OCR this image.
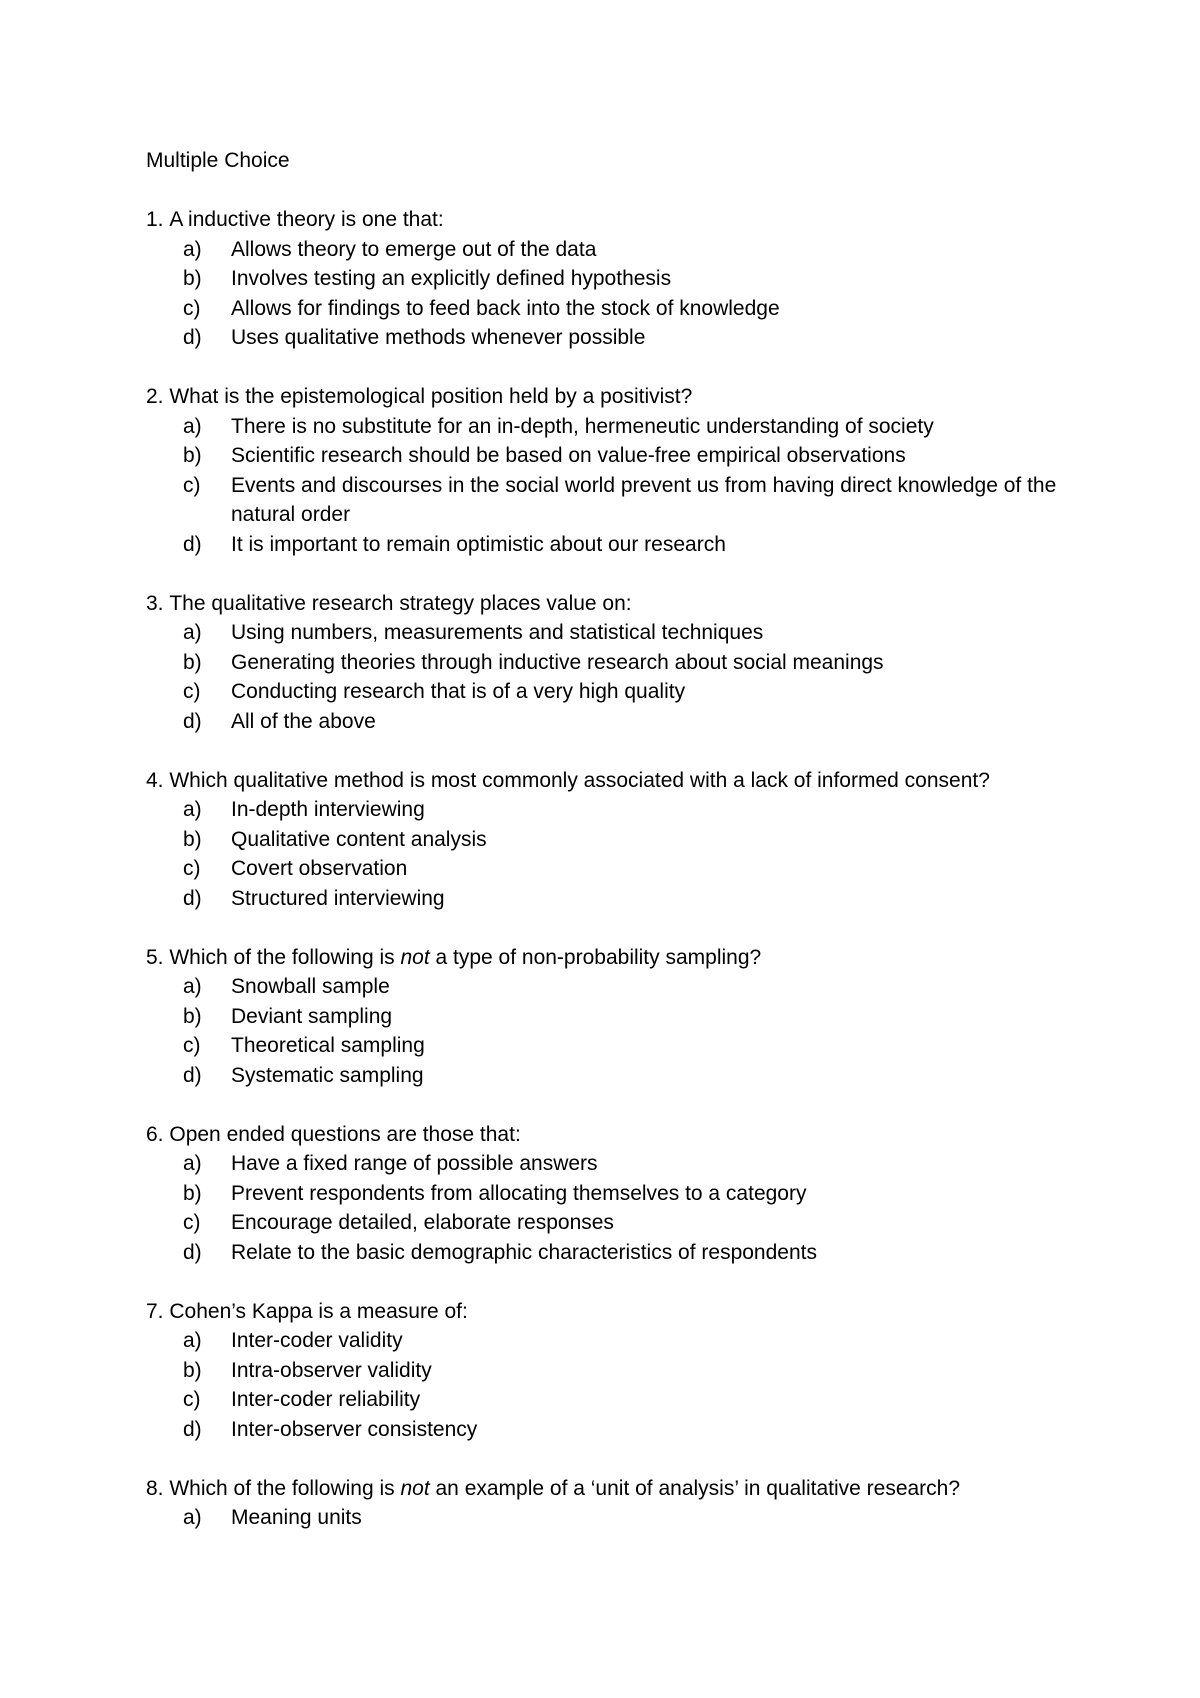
Multiple Choice
1.
A inductive theory is one that:
a)	Allows theory to emerge out of the data
b)	Involves testing an explicitly defined hypothesis
c)	Allows for findings to feed back into the stock of knowledge
d)	Uses qualitative methods whenever possible
2.
What is the epistemological position held by a positivist?
a)	There is no substitute for an in-depth, hermeneutic understanding of society
b)	Scientific research should be based on value-free empirical observations
c)	Events and discourses in the social world prevent us from having direct knowledge of the natural order
d)	It is important to remain optimistic about our research
3.
The qualitative research strategy places value on:
a)	Using numbers, measurements and statistical techniques
b)	Generating theories through inductive research about social meanings
c)	Conducting research that is of a very high quality
d)	All of the above
4.
Which qualitative method is most commonly associated with a lack of informed consent?
a)	In-depth interviewing
b)	Qualitative content analysis
c)	Covert observation
d)	Structured interviewing
5.
Which of the following is not a type of non-probability sampling?
a)	Snowball sample
b)	Deviant sampling
c)	Theoretical sampling
d)	Systematic sampling
6.
Open ended questions are those that:
a)	Have a fixed range of possible answers
b)	Prevent respondents from allocating themselves to a category
c)	Encourage detailed, elaborate responses
d)	Relate to the basic demographic characteristics of respondents
7.
Cohen’s Kappa is a measure of:
a)	Inter-coder validity
b)	Intra-observer validity
c)	Inter-coder reliability
d)	Inter-observer consistency
8.
Which of the following is not an example of a ‘unit of analysis’ in qualitative research?
a)	Meaning units
